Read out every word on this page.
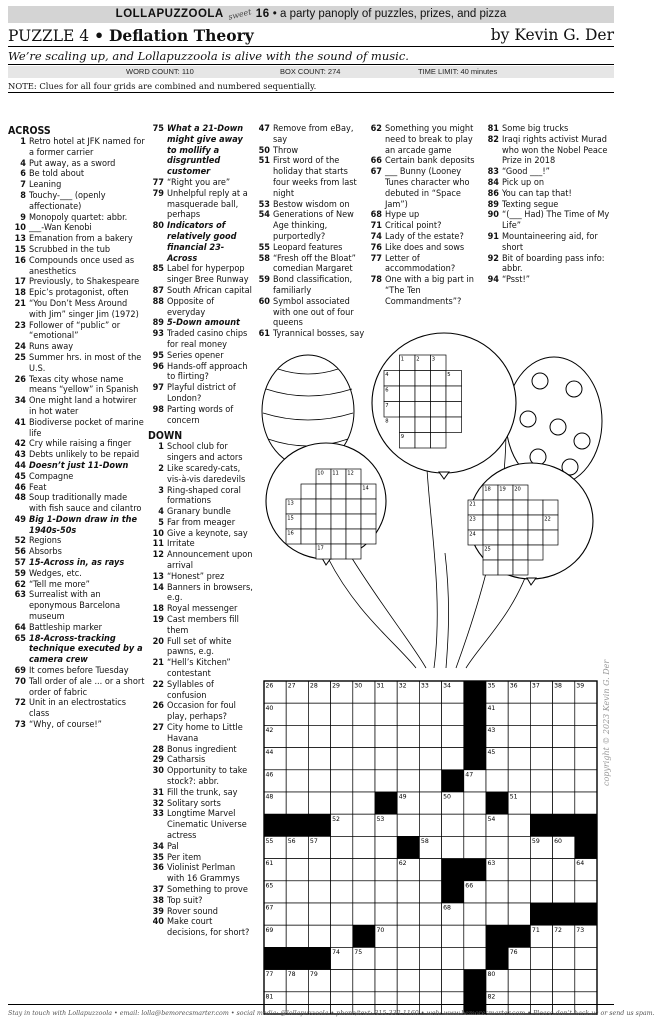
LOLLAPUZZOOLA sweet 16 • a party panoply of puzzles, prizes, and pizza
PUZZLE 4 • Deflation Theory	by Kevin G. Der
We’re scaling up, and Lollapuzzoola is alive with the sound of music.
WORD COUNT: 110	BOX COUNT: 274	TIME LIMIT: 40 minutes
NOTE: Clues for all four grids are combined and numbered sequentially.
ACROSS
1 Retro hotel at JFK named for a former carrier
4 Put away, as a sword
6 Be told about
7 Leaning
8 Touchy-___ (openly affectionate)
9 Monopoly quartet: abbr.
10 ___-Wan Kenobi
13 Emanation from a bakery
15 Scrubbed in the tub
16 Compounds once used as anesthetics
17 Previously, to Shakespeare
18 Epic’s protagonist, often
21 “You Don’t Mess Around with Jim” singer Jim (1972)
23 Follower of “public” or “emotional”
24 Runs away
25 Summer hrs. in most of the U.S.
26 Texas city whose name means “yellow” in Spanish
34 One might land a hotwirer in hot water
41 Biodiverse pocket of marine life
42 Cry while raising a finger
43 Debts unlikely to be repaid
44 Doesn’t just 11-Down
45 Compagne
46 Feat
48 Soup traditionally made with fish sauce and cilantro
49 Big 1-Down draw in the 1940s-50s
52 Regions
56 Absorbs
57 15-Across in, as rays
59 Wedges, etc.
62 “Tell me more”
63 Surrealist with an eponymous Barcelona museum
64 Battleship marker
65 18-Across-tracking technique executed by a camera crew
69 It comes before Tuesday
70 Tall order of ale ... or a short order of fabric
72 Unit in an electrostatics class
73 “Why, of course!”
75 What a 21-Down might give away to mollify a disgruntled customer
77 “Right you are”
79 Unhelpful reply at a masquerade ball, perhaps
80 Indicators of relatively good financial 23-Across
85 Label for hyperpop singer Bree Runway
87 South African capital
88 Opposite of everyday
89 5-Down amount
93 Traded casino chips for real money
95 Series opener
96 Hands-off approach to flirting?
97 Playful district of London?
98 Parting words of concern
DOWN
1 School club for singers and actors
2 Like scaredy-cats, vis-à-vis daredevils
3 Ring-shaped coral formations
4 Granary bundle
5 Far from meager
10 Give a keynote, say
11 Irritate
12 Announcement upon arrival
13 “Honest” prez
14 Banners in browsers, e.g.
18 Royal messenger
19 Cast members fill them
20 Full set of white pawns, e.g.
21 “Hell’s Kitchen” contestant
22 Syllables of confusion
26 Occasion for foul play, perhaps?
27 City home to Little Havana
28 Bonus ingredient
29 Catharsis
30 Opportunity to take stock?: abbr.
31 Fill the trunk, say
32 Solitary sorts
33 Longtime Marvel Cinematic Universe actress
34 Pal
35 Per item
36 Violinist Perlman with 16 Grammys
37 Something to prove
38 Top suit?
39 Rover sound
40 Make court decisions, for short?
47 Remove from eBay, say
50 Throw
51 First word of the holiday that starts four weeks from last night
53 Bestow wisdom on
54 Generations of New Age thinking, purportedly?
55 Leopard features
58 “Fresh off the Bloat” comedian Margaret
59 Bond classification, familiarly
60 Symbol associated with one out of four queens
61 Tyrannical bosses, say
62 Something you might need to break to play an arcade game
66 Certain bank deposits
67 ___ Bunny (Looney Tunes character who debuted in “Space Jam”)
68 Hype up
71 Critical point?
74 Lady of the estate?
76 Like does and sows
77 Letter of accommodation?
78 One with a big part in “The Ten Commandments”?
81 Some big trucks
82 Iraqi rights activist Murad who won the Nobel Peace Prize in 2018
83 “Good ___!”
84 Pick up on
86 You can tap that!
89 Texting segue
90 “(___ Had) The Time of My Life”
91 Mountaineering aid, for short
92 Bit of boarding pass info: abbr.
94 “Psst!”
1 2 3
4	5
6
7
8
9
10 11 12
13
14
15
16
17
18 19 20
21
22
23
24
25
26 27 28 29 30 31 32 33 34	35 36 37 38 39
40	41
42	43
44	45
46	47
48	49	50	51
52	53	54
55 56 57	58	59 60
61	62	63	64
65	66
67	68
69	70	71 72 73
74 75	76
77 78 79	80
81	82
copyright © 2023 Kevin G. Der
Stay in touch with Lollapuzzoola • email: lolla@bemorecsmarter.com • social media: @lollapuzzoola • phone/text: 315-332-1160 • web: www.bemoresmarter.com • Please don’t hack us or send us spam.
